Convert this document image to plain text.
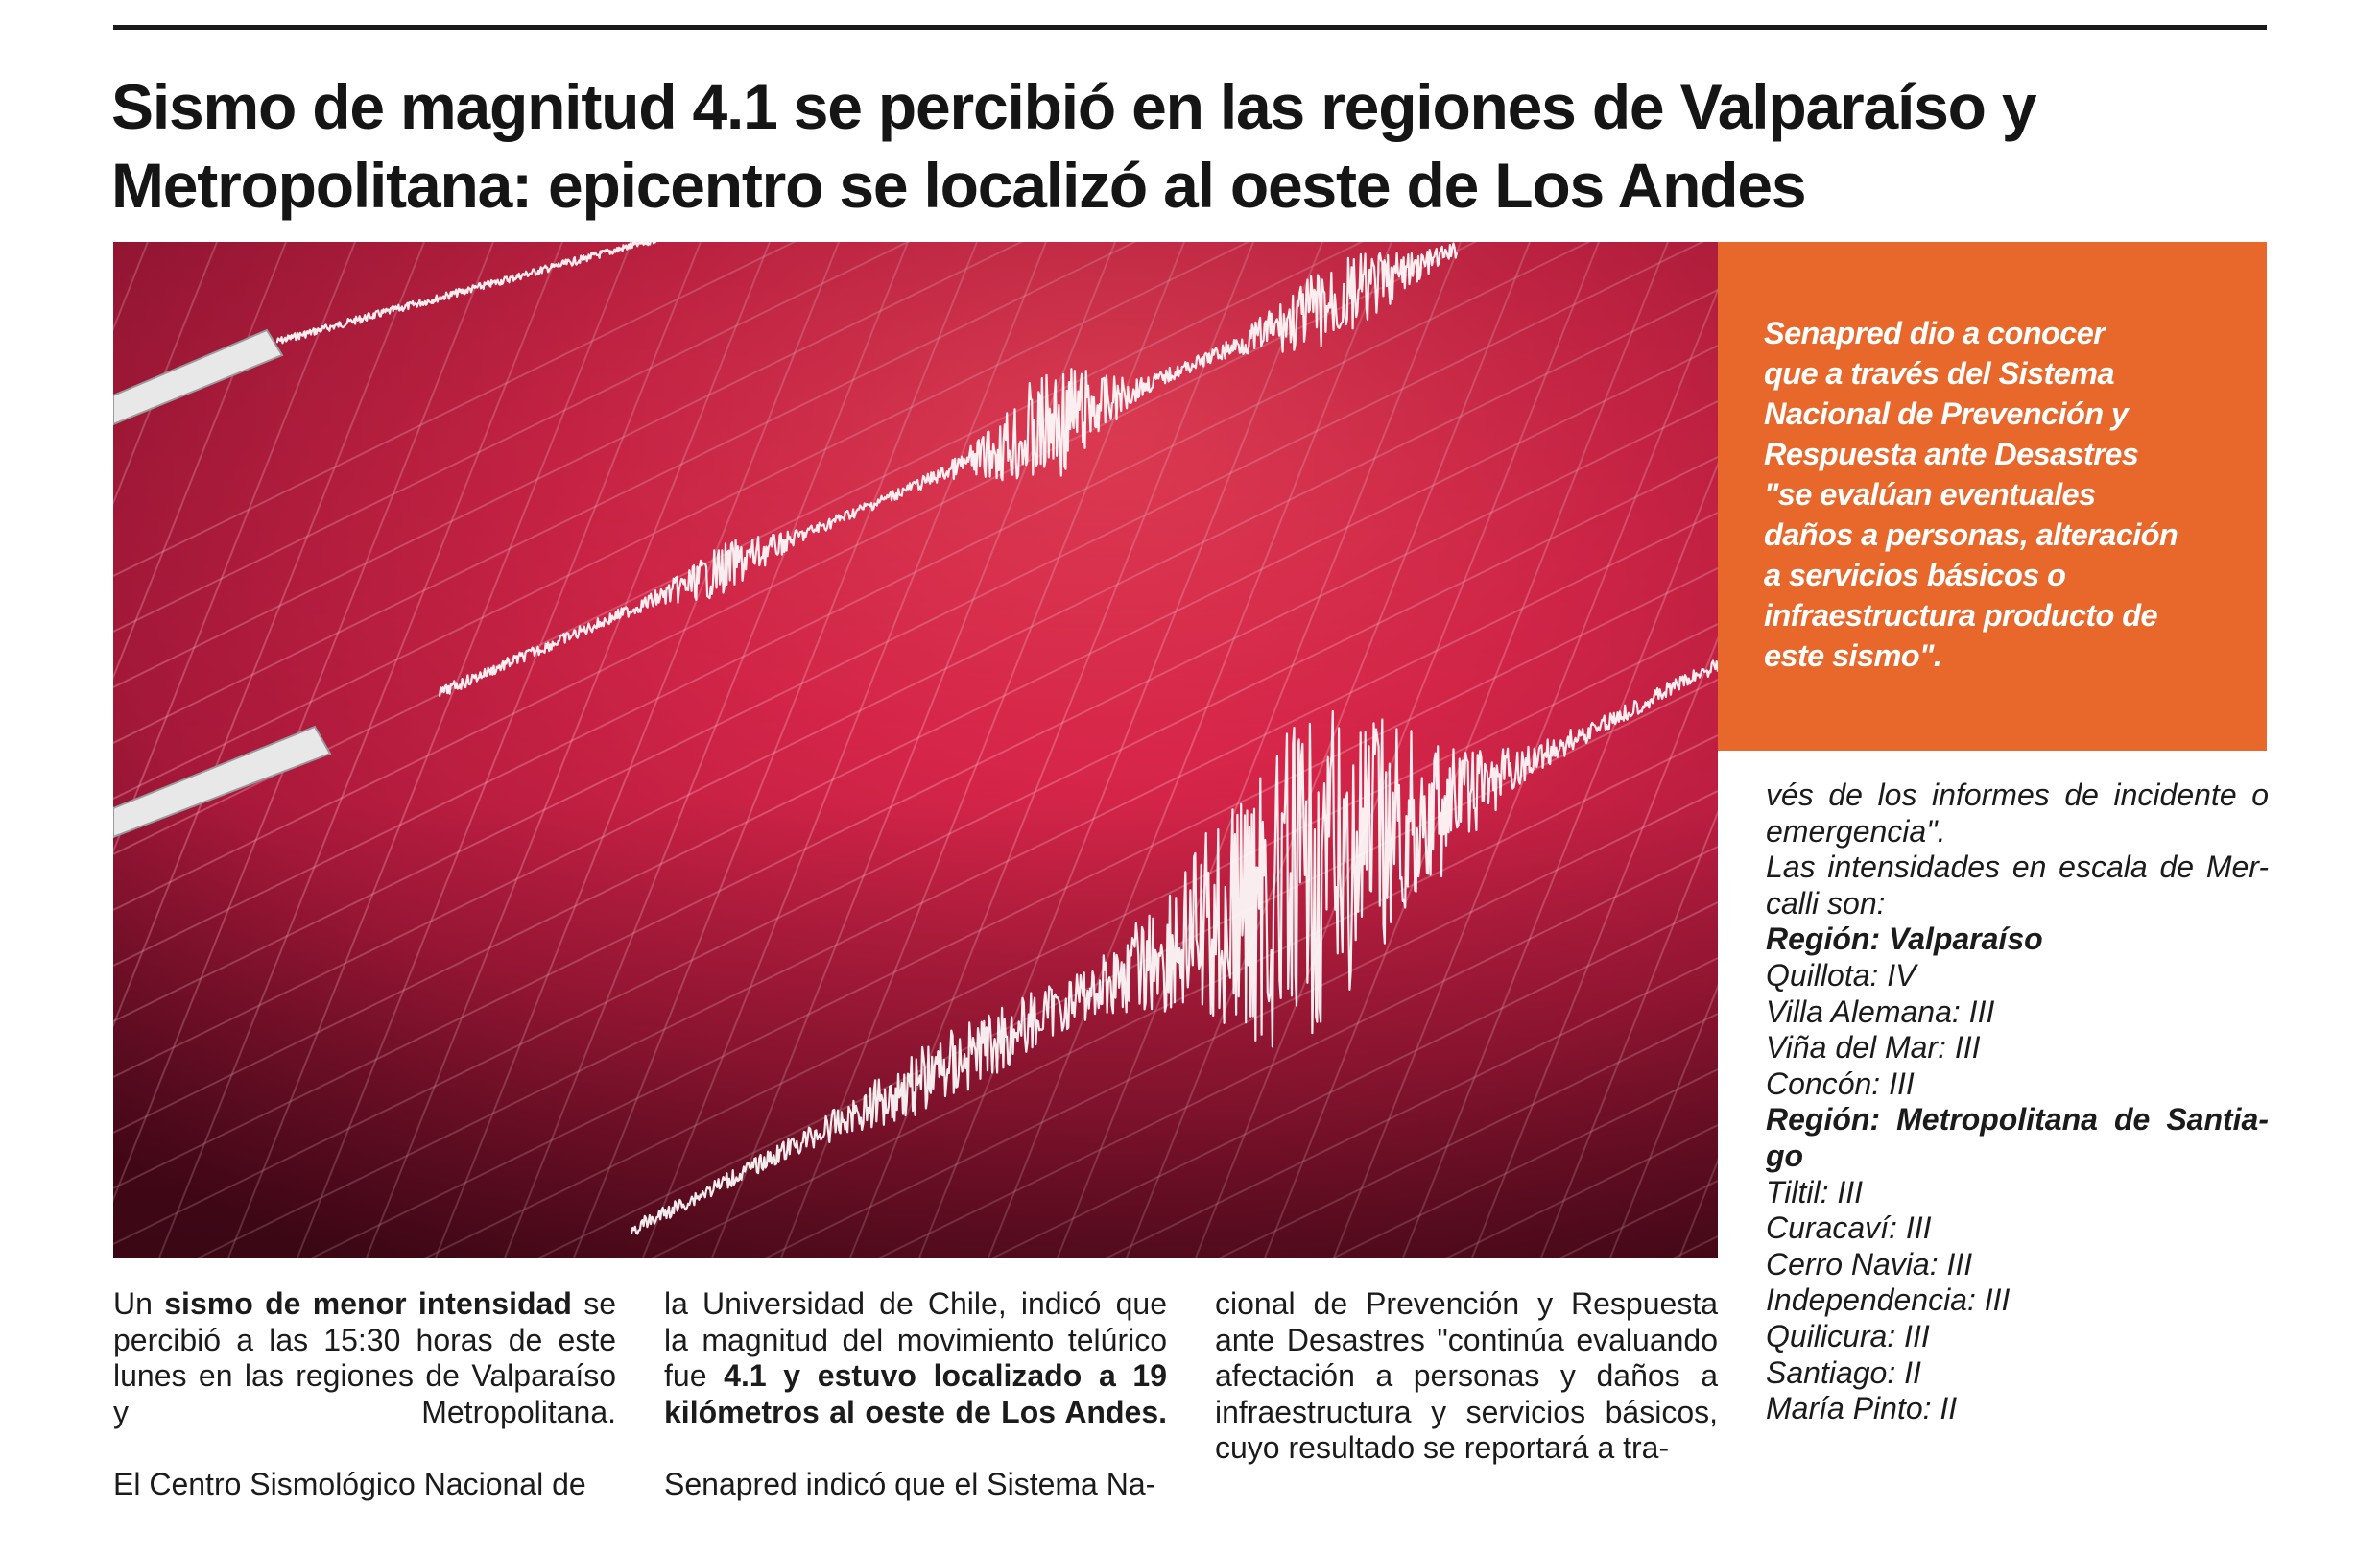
Sismo de magnitud 4.1 se percibió en las regiones de Valparaíso y
Metropolitana: epicentro se localizó al oeste de Los Andes
Senapred dio a conocer
que a través del Sistema
Nacional de Prevención y
Respuesta ante Desastres
"se evalúan eventuales
daños a personas, alteración
a servicios básicos o
infraestructura producto de
este sismo".
Un sismo de menor intensidad se percibió a las 15:30 horas de este lunes en las regiones de Valparaíso y Metropolitana.
El Centro Sismológico Nacional de
la Universidad de Chile, indicó que la magnitud del movimiento telúrico fue 4.1 y estuvo localizado a 19 kilómetros al oeste de Los Andes.
Senapred indicó que el Sistema Na-
cional de Prevención y Respuesta ante Desastres "continúa evaluando afectación a personas y daños a infraestructura y servicios básicos, cuyo resultado se reportará a tra-
vés de los informes de incidente o
emergencia".
Las intensidades en escala de Mer-
calli son:
Región: Valparaíso
Quillota: IV
Villa Alemana: III
Viña del Mar: III
Concón: III
Región: Metropolitana de Santia-
go
Tiltil: III
Curacaví: III
Cerro Navia: III
Independencia: III
Quilicura: III
Santiago: II
María Pinto: II
